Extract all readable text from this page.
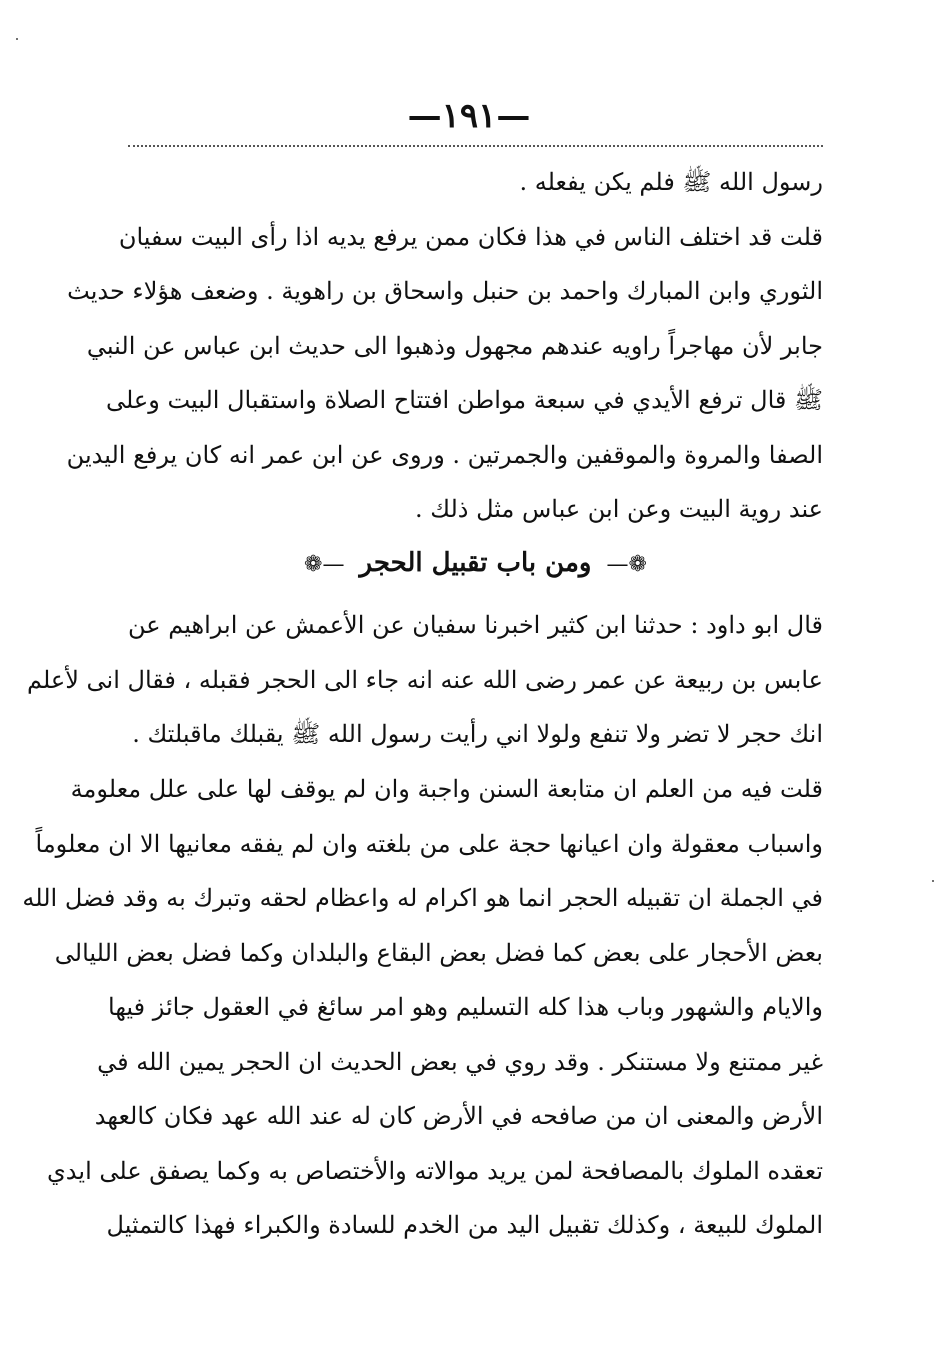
—١٩١—
رسول الله ﷺ فلم يكن يفعله .
قلت قد اختلف الناس في هذا فكان ممن يرفع يديه اذا رأى البيت سفيان
الثوري وابن المبارك واحمد بن حنبل واسحاق بن راهوية . وضعف هؤلاء حديث
جابر لأن مهاجراً راويه عندهم مجهول وذهبوا الى حديث ابن عباس عن النبي
ﷺ قال ترفع الأيدي في سبعة مواطن افتتاح الصلاة واستقبال البيت وعلى
الصفا والمروة والموقفين والجمرتين . وروى عن ابن عمر انه كان يرفع اليدين
عند روية البيت وعن ابن عباس مثل ذلك .
❁— ومن باب تقبيل الحجر —❁
قال ابو داود : حدثنا ابن كثير اخبرنا سفيان عن الأعمش عن ابراهيم عن
عابس بن ربيعة عن عمر رضى الله عنه انه جاء الى الحجر فقبله ، فقال انى لأعلم
انك حجر لا تضر ولا تنفع ولولا اني رأيت رسول الله ﷺ يقبلك ماقبلتك .
قلت فيه من العلم ان متابعة السنن واجبة وان لم يوقف لها على علل معلومة
واسباب معقولة وان اعيانها حجة على من بلغته وان لم يفقه معانيها الا ان معلوماً
في الجملة ان تقبيله الحجر انما هو اكرام له واعظام لحقه وتبرك به وقد فضل الله
بعض الأحجار على بعض كما فضل بعض البقاع والبلدان وكما فضل بعض الليالى
والايام والشهور وباب هذا كله التسليم وهو امر سائغ في العقول جائز فيها
غير ممتنع ولا مستنكر . وقد روي في بعض الحديث ان الحجر يمين الله في
الأرض والمعنى ان من صافحه في الأرض كان له عند الله عهد فكان كالعهد
تعقده الملوك بالمصافحة لمن يريد موالاته والأختصاص به وكما يصفق على ايدي
الملوك للبيعة ، وكذلك تقبيل اليد من الخدم للسادة والكبراء فهذا كالتمثيل
